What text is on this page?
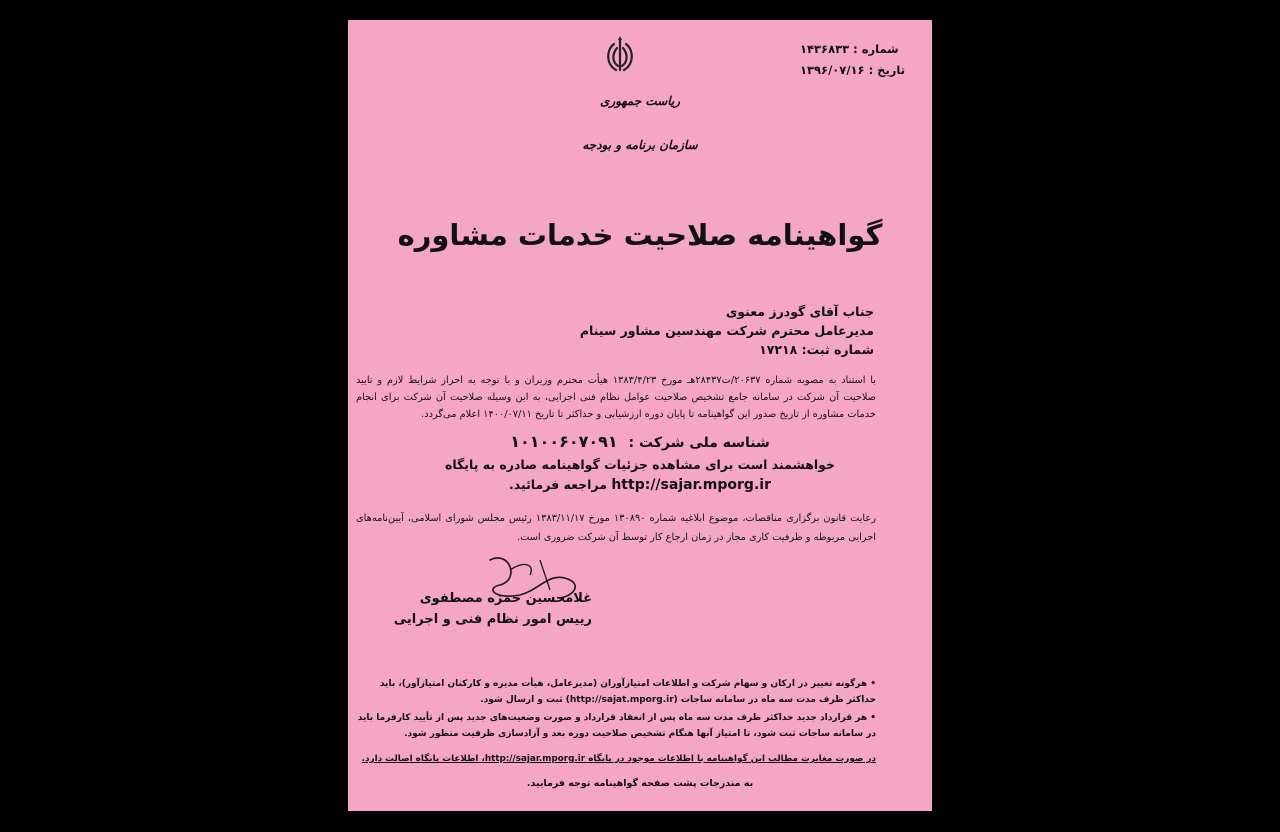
شماره : ۱۴۳۶۸۳۳
تاریخ : ۱۳۹۶/۰۷/۱۶
ریاست جمهوری
سازمان برنامه و بودجه
گواهینامه صلاحیت خدمات مشاوره
جناب آقای گودرز معنوی
مدیرعامل محترم شرکت مهندسین مشاور سینام
شماره ثبت: ۱۷۲۱۸
با استناد به مصوبه شماره ۲۰۶۳۷/ت۲۸۴۳۷هـ مورخ ۱۳۸۳/۴/۲۳ هیأت محترم وزیران و با توجه به احراز شرایط لازم و تایید صلاحیت آن شرکت در سامانه جامع تشخیص صلاحیت عوامل نظام فنی اجرایی، به این وسیله صلاحیت آن شرکت برای انجام خدمات مشاوره از تاریخ صدور این گواهینامه تا پایان دوره ارزشیابی و حداکثر تا تاریخ ۱۴۰۰/۰۷/۱۱ اعلام می‌گردد.
شناسه ملی شرکت : ۱۰۱۰۰۶۰۷۰۹۱
خواهشمند است برای مشاهده جزئیات گواهینامه صادره به پایگاه
http://sajar.mporg.ir مراجعه فرمائید.
رعایت قانون برگزاری مناقصات، موضوع ابلاغیه شماره ۱۳۰۸۹۰ مورخ ۱۳۸۳/۱۱/۱۷ رئیس مجلس شورای اسلامی، آیین‌نامه‌های اجرایی مربوطه و ظرفیت کاری مجاز در زمان ارجاع کار توسط آن شرکت ضروری است.
غلامحسین حمزه مصطفوی
رییس امور نظام فنی و اجرایی
• هرگونه تغییر در ارکان و سهام شرکت و اطلاعات امتیازآوران (مدیرعامل، هیأت مدیره و کارکنان امتیازآور)، باید حداکثر ظرف مدت سه ماه در سامانه ساجات (http://sajat.mporg.ir) ثبت و ارسال شود.
• هر قرارداد جدید حداکثر ظرف مدت سه ماه پس از انعقاد قرارداد و صورت وضعیت‌های جدید پس از تأیید کارفرما باید در سامانه ساجات ثبت شود، تا امتیاز آنها هنگام تشخیص صلاحیت دوره بعد و آزادسازی ظرفیت منظور شود.
در صورت مغایرت مطالب این گواهینامه با اطلاعات موجود در پایگاه http://sajar.mporg.ir، اطلاعات پایگاه اصالت دارد.
به مندرجات پشت صفحه گواهینامه توجه فرمایید.
